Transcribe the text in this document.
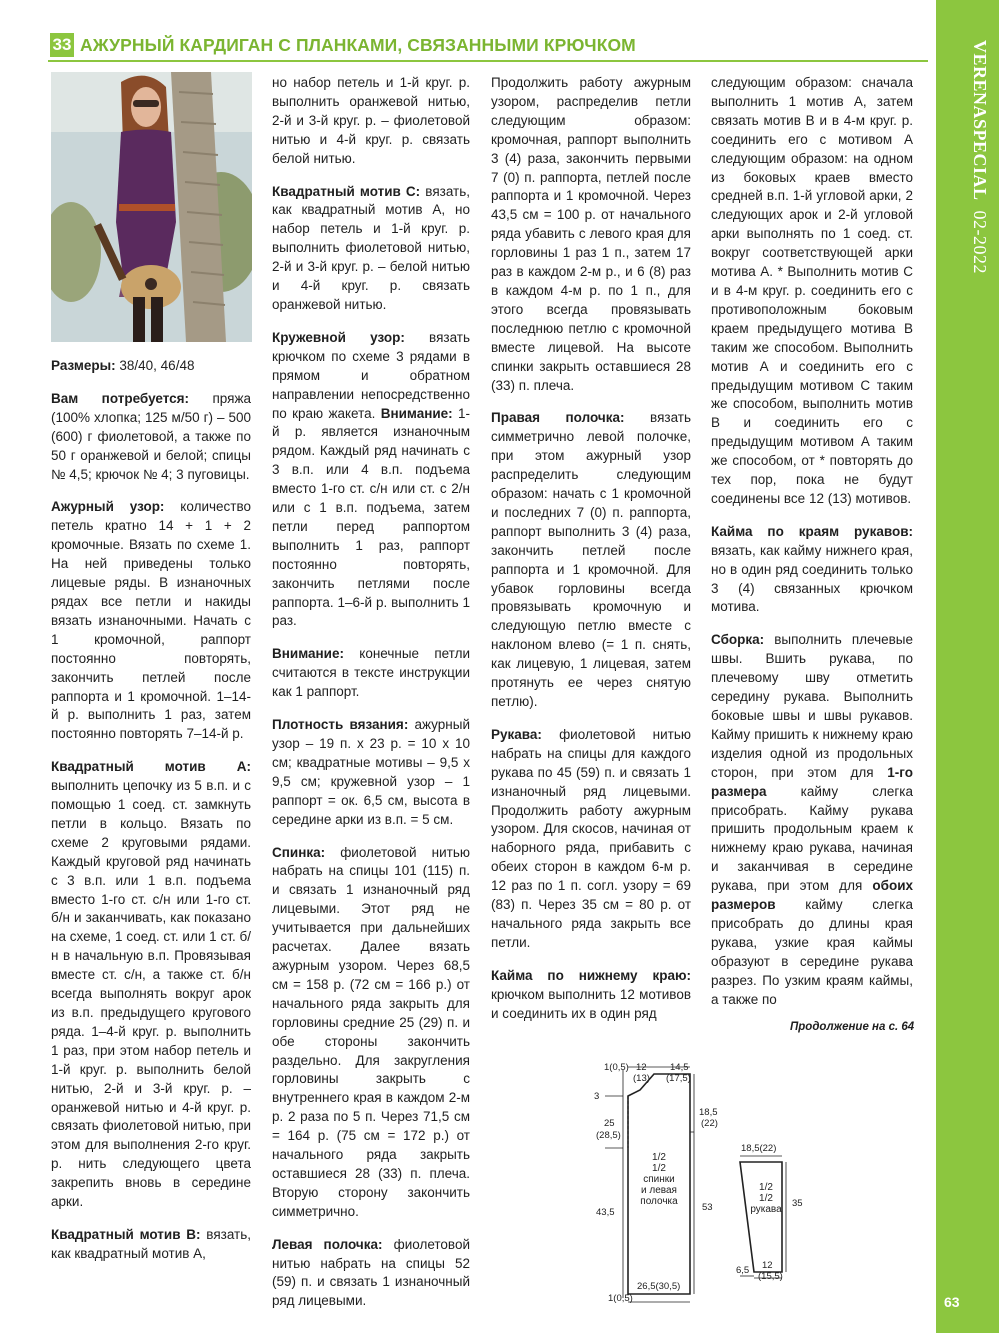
33 АЖУРНЫЙ КАРДИГАН С ПЛАНКАМИ, СВЯЗАННЫМИ КРЮЧКОМ	VERENASPECIAL  02-2022
63

Размеры: 38/40, 46/48

Вам потребуется: пряжа (100% хлопка; 125 м/50 г) – 500 (600) г фиолетовой, а также по 50 г оранжевой и белой; спицы № 4,5; крючок № 4; 3 пуговицы.

Ажурный узор: количество петель кратно 14 + 1 + 2 кромочные. Вязать по схеме 1. На ней приведены только лицевые ряды. В изнаночных рядах все петли и накиды вязать изнаночными. Начать с 1 кромочной, раппорт постоянно повторять, закончить петлей после раппорта и 1 кромочной. 1–14-й р. выполнить 1 раз, затем постоянно повторять 7–14-й р.

Квадратный мотив А: выполнить цепочку из 5 в.п. и с помощью 1 соед. ст. замкнуть петли в кольцо. Вязать по схеме 2 круговыми рядами. Каждый круговой ряд начинать с 3 в.п. или 1 в.п. подъема вместо 1-го ст. с/н или 1-го ст. б/н и заканчивать, как показано на схеме, 1 соед. ст. или 1 ст. б/н в начальную в.п. Провязывая вместе ст. с/н, а также ст. б/н всегда выполнять вокруг арок из в.п. предыдущего кругового ряда. 1–4-й круг. р. выполнить 1 раз, при этом набор петель и 1-й круг. р. выполнить белой нитью, 2-й и 3-й круг. р. – оранжевой нитью и 4-й круг. р. связать фиолетовой нитью, при этом для выполнения 2-го круг. р. нить следующего цвета закрепить вновь в середине арки.

Квадратный мотив В: вязать, как квадратный мотив А,

но набор петель и 1-й круг. р. выполнить оранжевой нитью, 2-й и 3-й круг. р. – фиолетовой нитью и 4-й круг. р. связать белой нитью.

Квадратный мотив С: вязать, как квадратный мотив А, но набор петель и 1-й круг. р. выполнить фиолетовой нитью, 2-й и 3-й круг. р. – белой нитью и 4-й круг. р. связать оранжевой нитью.

Кружевной узор: вязать крючком по схеме 3 рядами в прямом и обратном направлении непосредственно по краю жакета. Внимание: 1-й р. является изнаночным рядом. Каждый ряд начинать с 3 в.п. или 4 в.п. подъема вместо 1-го ст. с/н или ст. с 2/н или с 1 в.п. подъема, затем петли перед раппортом выполнить 1 раз, раппорт постоянно повторять, закончить петлями после раппорта. 1–6-й р. выполнить 1 раз.

Внимание: конечные петли считаются в тексте инструкции как 1 раппорт.

Плотность вязания: ажурный узор – 19 п. х 23 р. = 10 х 10 см; квадратные мотивы – 9,5 х 9,5 см; кружевной узор – 1 раппорт = ок. 6,5 см, высота в середине арки из в.п. = 5 см.

Спинка: фиолетовой нитью набрать на спицы 101 (115) п. и связать 1 изнаночный ряд лицевыми. Этот ряд не учитывается при дальнейших расчетах. Далее вязать ажурным узором. Через 68,5 см = 158 р. (72 см = 166 р.) от начального ряда закрыть для горловины средние 25 (29) п. и обе стороны закончить раздельно. Для закругления горловины закрыть с внутреннего края в каждом 2-м р. 2 раза по 5 п. Через 71,5 см = 164 р. (75 см = 172 р.) от начального ряда закрыть оставшиеся 28 (33) п. плеча. Вторую сторону закончить симметрично.

Левая полочка: фиолетовой нитью набрать на спицы 52 (59) п. и связать 1 изнаночный ряд лицевыми.

Продолжить работу ажурным узором, распределив петли следующим образом: кромочная, раппорт выполнить 3 (4) раза, закончить первыми 7 (0) п. раппорта, петлей после раппорта и 1 кромочной. Через 43,5 см = 100 р. от начального ряда убавить с левого края для горловины 1 раз 1 п., затем 17 раз в каждом 2-м р., и 6 (8) раз в каждом 4-м р. по 1 п., для этого всегда провязывать последнюю петлю с кромочной вместе лицевой. На высоте спинки закрыть оставшиеся 28 (33) п. плеча.

Правая полочка: вязать симметрично левой полочке, при этом ажурный узор распределить следующим образом: начать с 1 кромочной и последних 7 (0) п. раппорта, раппорт выполнить 3 (4) раза, закончить петлей после раппорта и 1 кромочной. Для убавок горловины всегда провязывать кромочную и следующую петлю вместе с наклоном влево (= 1 п. снять, как лицевую, 1 лицевая, затем протянуть ее через снятую петлю).

Рукава: фиолетовой нитью набрать на спицы для каждого рукава по 45 (59) п. и связать 1 изнаночный ряд лицевыми. Продолжить работу ажурным узором. Для скосов, начиная от наборного ряда, прибавить с обеих сторон в каждом 6-м р. 12 раз по 1 п. согл. узору = 69 (83) п. Через 35 см = 80 р. от начального ряда закрыть все петли.

Кайма по нижнему краю: крючком выполнить 12 мотивов и соединить их в один ряд

следующим образом: сначала выполнить 1 мотив А, затем связать мотив В и в 4-м круг. р. соединить его с мотивом А следующим образом: на одном из боковых краев вместо средней в.п. 1-й угловой арки, 2 следующих арок и 2-й угловой арки выполнять по 1 соед. ст. вокруг соответствующей арки мотива А. * Выполнить мотив С и в 4-м круг. р. соединить его с противоположным боковым краем предыдущего мотива В таким же способом. Выполнить мотив А и соединить его с предыдущим мотивом С таким же способом, выполнить мотив В и соединить его с предыдущим мотивом А таким же способом, от * повторять до тех пор, пока не будут соединены все 12 (13) мотивов.

Кайма по краям рукавов: вязать, как кайму нижнего края, но в один ряд соединить только 3 (4) связанных крючком мотива.

Сборка: выполнить плечевые швы. Вшить рукава, по плечевому шву отметить середину рукава. Выполнить боковые швы и швы рукавов. Кайму пришить к нижнему краю изделия одной из продольных сторон, при этом для 1-го размера кайму слегка присобрать. Кайму рукава пришить продольным краем к нижнему краю рукава, начиная и заканчивая в середине рукава, при этом для обоих размеров кайму слегка присобрать до длины края рукава, узкие края каймы образуют в середине рукава разрез. По узким краям каймы, а также по

Продолжение на с. 64
1(0,5) 12
(13)
14,5
(17,5)
3
25
(28,5)
18,5
(22)
43,5	53
26,5(30,5)
1(0,5)
1/2
1/2
спинки
и левая
полочка
18,5(22)
1/2
1/2
рукава
35
6,5 12
(15,5)
